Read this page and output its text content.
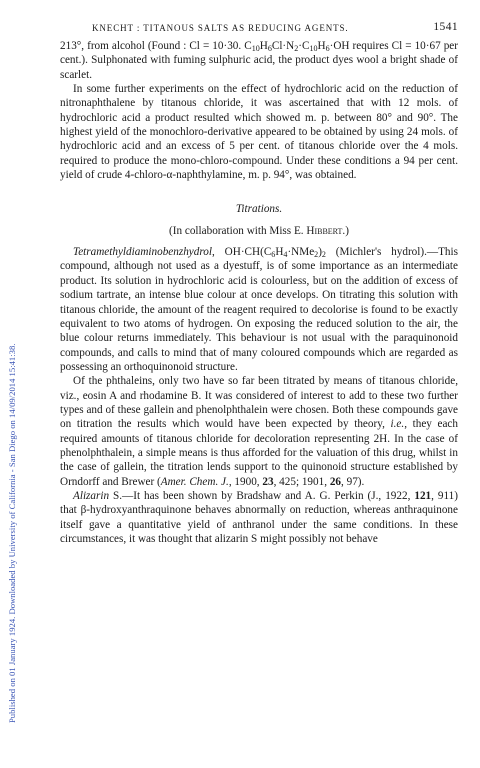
Published on 01 January 1924. Downloaded by University of California - San Diego on 14/09/2014 15:41:38.
KNECHT : TITANOUS SALTS AS REDUCING AGENTS.	1541

213°, from alcohol (Found : Cl = 10·30. $C_{10}H_6Cl\cdot N_2\cdot C_{10}H_6\cdot OH$ requires Cl = 10·67 per cent.). Sulphonated with fuming sulphuric acid, the product dyes wool a bright shade of scarlet.

In some further experiments on the effect of hydrochloric acid on the reduction of nitronaphthalene by titanous chloride, it was ascertained that with 12 mols. of hydrochloric acid a product resulted which showed m. p. between 80° and 90°. The highest yield of the monochloro-derivative appeared to be obtained by using 24 mols. of hydrochloric acid and an excess of 5 per cent. of titanous chloride over the 4 mols. required to produce the mono-chloro-compound. Under these conditions a 94 per cent. yield of crude 4-chloro-α-naphthylamine, m. p. 94°, was obtained.

Titrations.

(In collaboration with Miss E. Hibbert.)

Tetramethyldiaminobenzhydrol, $OH\cdot CH(C_6H_4\cdot NMe_2)_2$ (Michler's hydrol).—This compound, although not used as a dyestuff, is of some importance as an intermediate product. Its solution in hydrochloric acid is colourless, but on the addition of excess of sodium tartrate, an intense blue colour at once develops. On titrating this solution with titanous chloride, the amount of the reagent required to decolorise is found to be exactly equivalent to two atoms of hydrogen. On exposing the reduced solution to the air, the blue colour returns immediately. This behaviour is not usual with the paraquinonoid compounds, and calls to mind that of many coloured compounds which are regarded as possessing an orthoquinonoid structure.

Of the phthaleins, only two have so far been titrated by means of titanous chloride, viz., eosin A and rhodamine B. It was considered of interest to add to these two further types and of these gallein and phenolphthalein were chosen. Both these compounds gave on titration the results which would have been expected by theory, i.e., they each required amounts of titanous chloride for decoloration representing 2H. In the case of phenolphthalein, a simple means is thus afforded for the valuation of this drug, whilst in the case of gallein, the titration lends support to the quinonoid structure established by Orndorff and Brewer (Amer. Chem. J., 1900, 23, 425; 1901, 26, 97).

Alizarin S.—It has been shown by Bradshaw and A. G. Perkin (J., 1922, 121, 911) that β-hydroxyanthraquinone behaves abnormally on reduction, whereas anthraquinone itself gave a quantitative yield of anthranol under the same conditions. In these circumstances, it was thought that alizarin S might possibly not behave
